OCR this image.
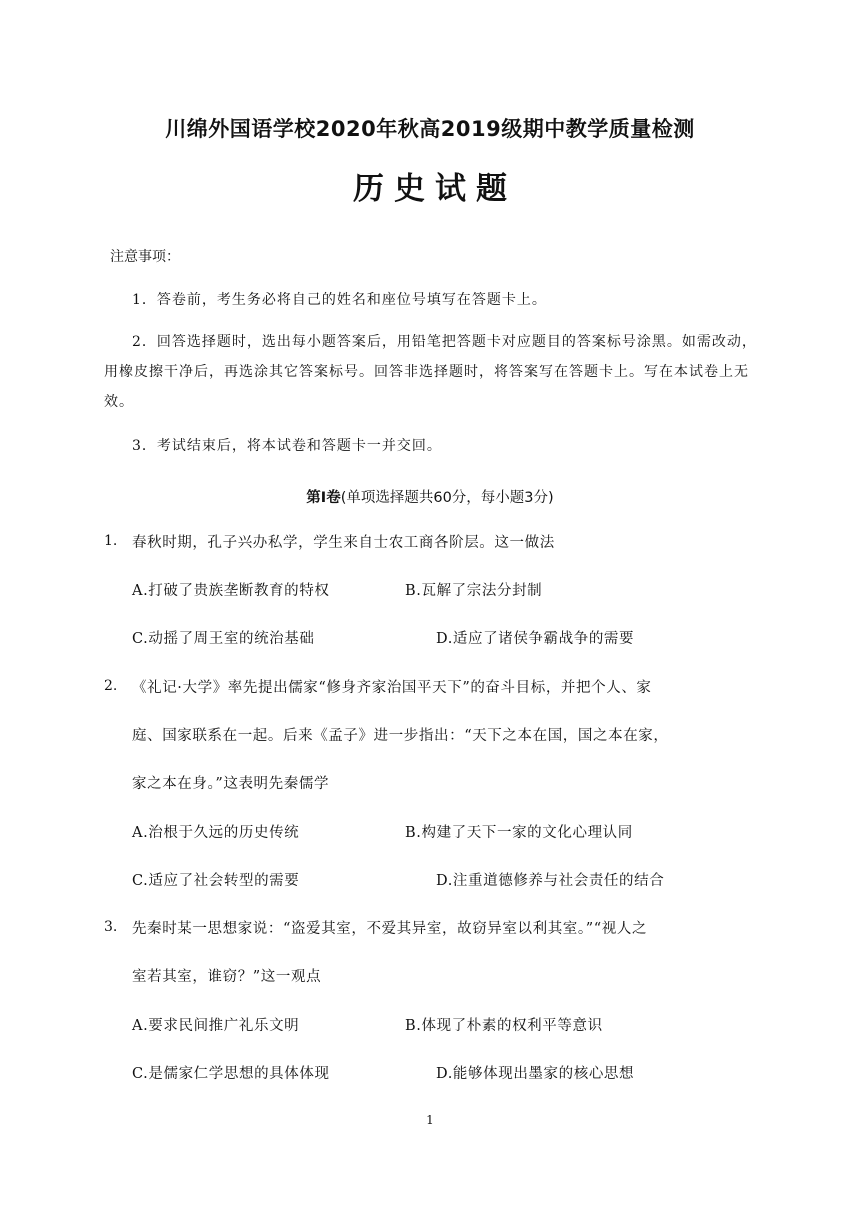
川绵外国语学校2020年秋高2019级期中教学质量检测
历史试题
注意事项：
1．答卷前，考生务必将自己的姓名和座位号填写在答题卡上。
2．回答选择题时，选出每小题答案后，用铅笔把答题卡对应题目的答案标号涂黑。如需改动，
用橡皮擦干净后，再选涂其它答案标号。回答非选择题时，将答案写在答题卡上。写在本试卷上无
效。
3．考试结束后，将本试卷和答题卡一并交回。
第Ⅰ卷(单项选择题共60分，每小题3分)
1. 春秋时期，孔子兴办私学，学生来自士农工商各阶层。这一做法
A.打破了贵族垄断教育的特权	B.瓦解了宗法分封制
C.动摇了周王室的统治基础	D.适应了诸侯争霸战争的需要
2. 《礼记·大学》率先提出儒家“修身齐家治国平天下”的奋斗目标，并把个人、家
庭、国家联系在一起。后来《孟子》进一步指出：“天下之本在国，国之本在家，
家之本在身。”这表明先秦儒学
A.治根于久远的历史传统	B.构建了天下一家的文化心理认同
C.适应了社会转型的需要	D.注重道德修养与社会责任的结合
3. 先秦时某一思想家说：“盗爱其室，不爱其异室，故窃异室以利其室。”“视人之
室若其室，谁窃？”这一观点
A.要求民间推广礼乐文明	B.体现了朴素的权利平等意识
C.是儒家仁学思想的具体体现	D.能够体现出墨家的核心思想
1
